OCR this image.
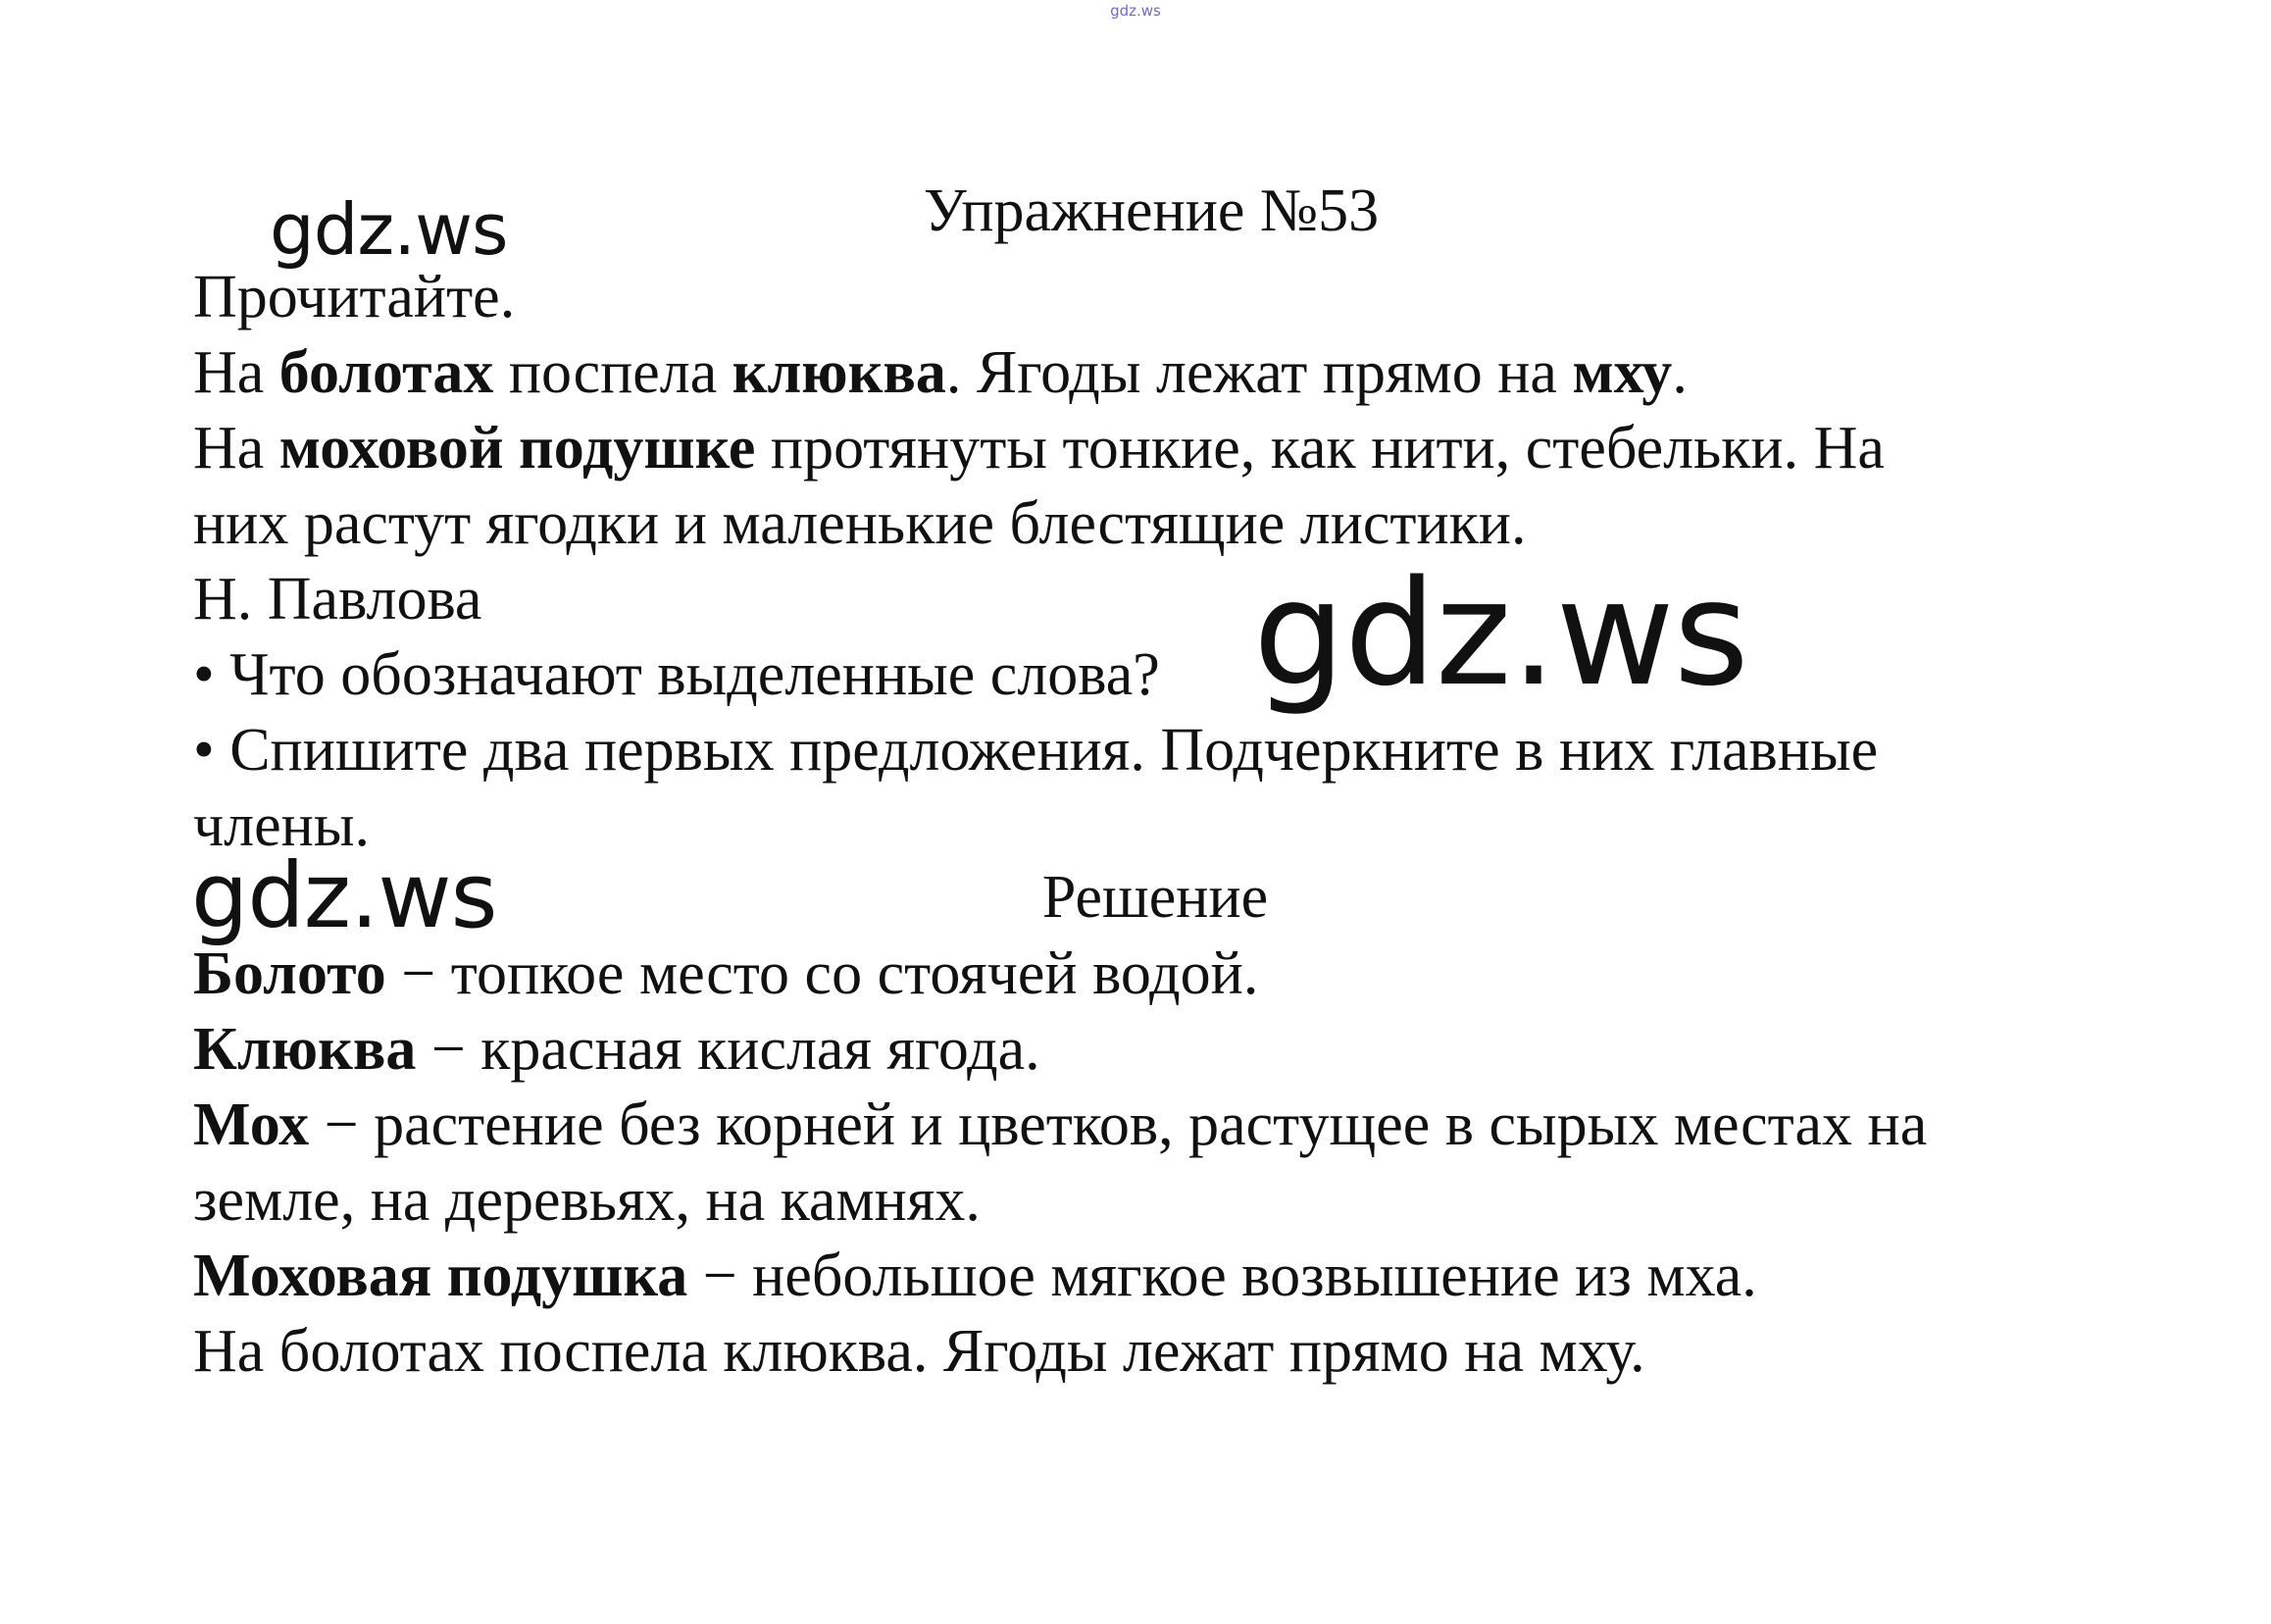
gdz.ws
Упражнение №53

Прочитайте.

На болотах поспела клюква. Ягоды лежат прямо на мху.

На моховой подушке протянуты тонкие, как нити, стебельки. На

них растут ягодки и маленькие блестящие листики.

Н. Павлова

• Что обозначают выделенные слова?

• Спишите два первых предложения. Подчеркните в них главные

члены.

Решение

Болото − топкое место со стоячей водой.

Клюква − красная кислая ягода.

Мох − растение без корней и цветков, растущее в сырых местах на

земле, на деревьях, на камнях.

Моховая подушка − небольшое мягкое возвышение из мха.

На болотах поспела клюква. Ягоды лежат прямо на мху.

gdz.ws
gdz.ws
gdz.ws
